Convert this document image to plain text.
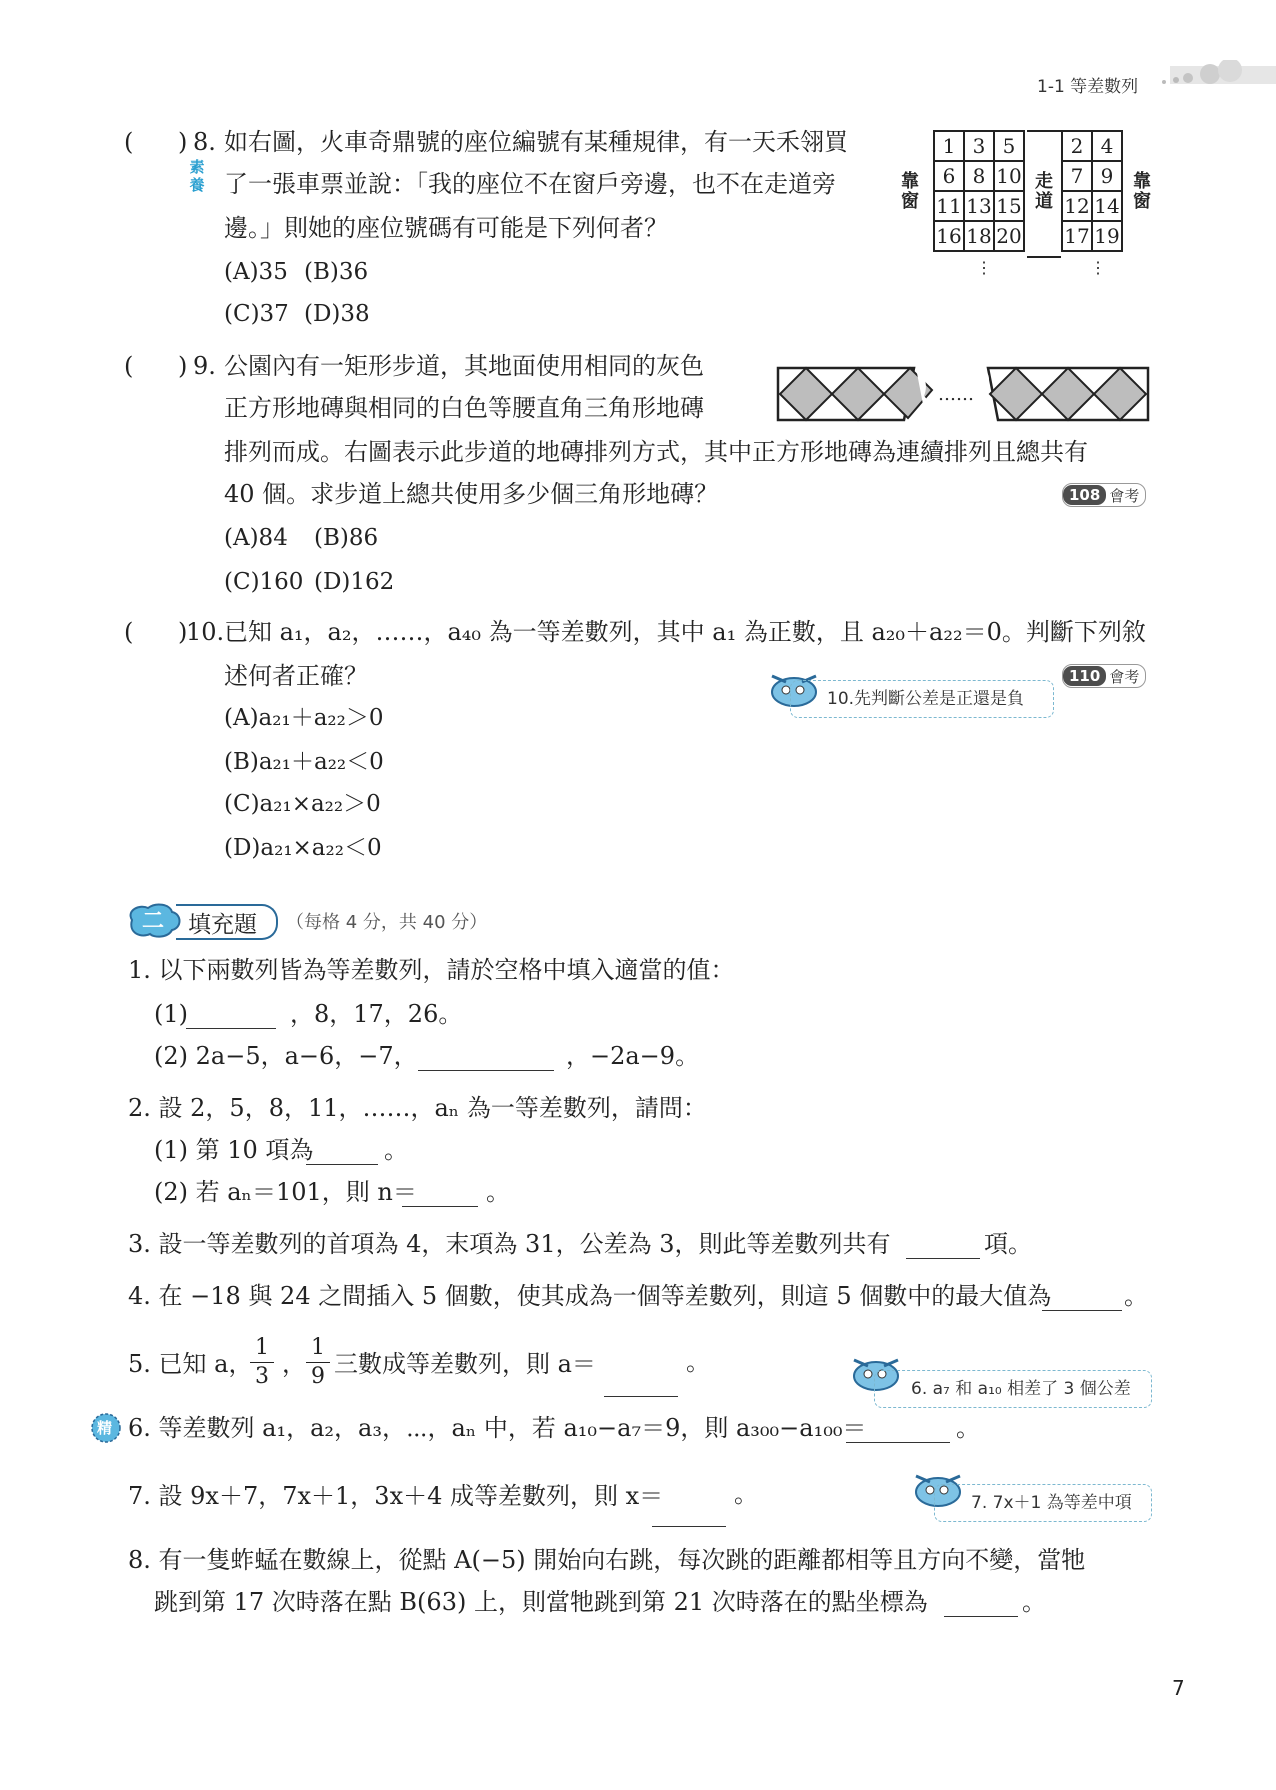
1-1 等差數列
( ) 8.
素養
如右圖，火車奇鼎號的座位編號有某種規律，有一天禾翎買
了一張車票並說：「我的座位不在窗戶旁邊，也不在走道旁
邊。」則她的座位號碼有可能是下列何者？
(A)35 (B)36
(C)37 (D)38
靠窗
1	3	5
6	8	10
11	13	15
16	18	20
走道
2	4
7	9
12	14
17	19
靠窗
⋮	⋮
( ) 9. 公園內有一矩形步道，其地面使用相同的灰色
正方形地磚與相同的白色等腰直角三角形地磚
排列而成。右圖表示此步道的地磚排列方式，其中正方形地磚為連續排列且總共有
40 個。求步道上總共使用多少個三角形地磚？	108 會考
(A)84 (B)86
(C)160 (D)162
……
( )
10. 已知 a₁，a₂，……，a₄₀ 為一等差數列，其中 a₁ 為正數，且 a₂₀＋a₂₂＝0。判斷下列敘
述何者正確？	110 會考
10.先判斷公差是正還是負
(A)a₂₁＋a₂₂＞0
(B)a₂₁＋a₂₂＜0
(C)a₂₁×a₂₂＞0
(D)a₂₁×a₂₂＜0
二 填充題 （每格 4 分，共 40 分）
1. 以下兩數列皆為等差數列，請於空格中填入適當的值：
(1)	，8，17，26。
(2) 2a−5，a−6，−7，	，−2a−9。
2. 設 2，5，8，11，……，aₙ 為一等差數列，請問：
(1) 第 10 項為	。
(2) 若 aₙ＝101，則 n＝	。
3. 設一等差數列的首項為 4，末項為 31，公差為 3，則此等差數列共有	項。
4. 在 −18 與 24 之間插入 5 個數，使其成為一個等差數列，則這 5 個數中的最大值為	。
5. 已知 a，
$\frac{1}{3}$ ， $\frac{1}{9}$ 三數成等差數列，則 a＝	。
6. a₇ 和 a₁₀ 相差了 3 個公差
精 6. 等差數列 a₁，a₂，a₃，⋯，aₙ 中，若 a₁₀−a₇＝9，則 a₃₀₀−a₁₀₀＝	。
7. 設 9x＋7，7x＋1，3x＋4 成等差數列，則 x＝	。	7. 7x＋1 為等差中項
8. 有一隻蚱蜢在數線上，從點 A(−5) 開始向右跳，每次跳的距離都相等且方向不變，當牠
跳到第 17 次時落在點 B(63) 上，則當牠跳到第 21 次時落在的點坐標為	。
7
